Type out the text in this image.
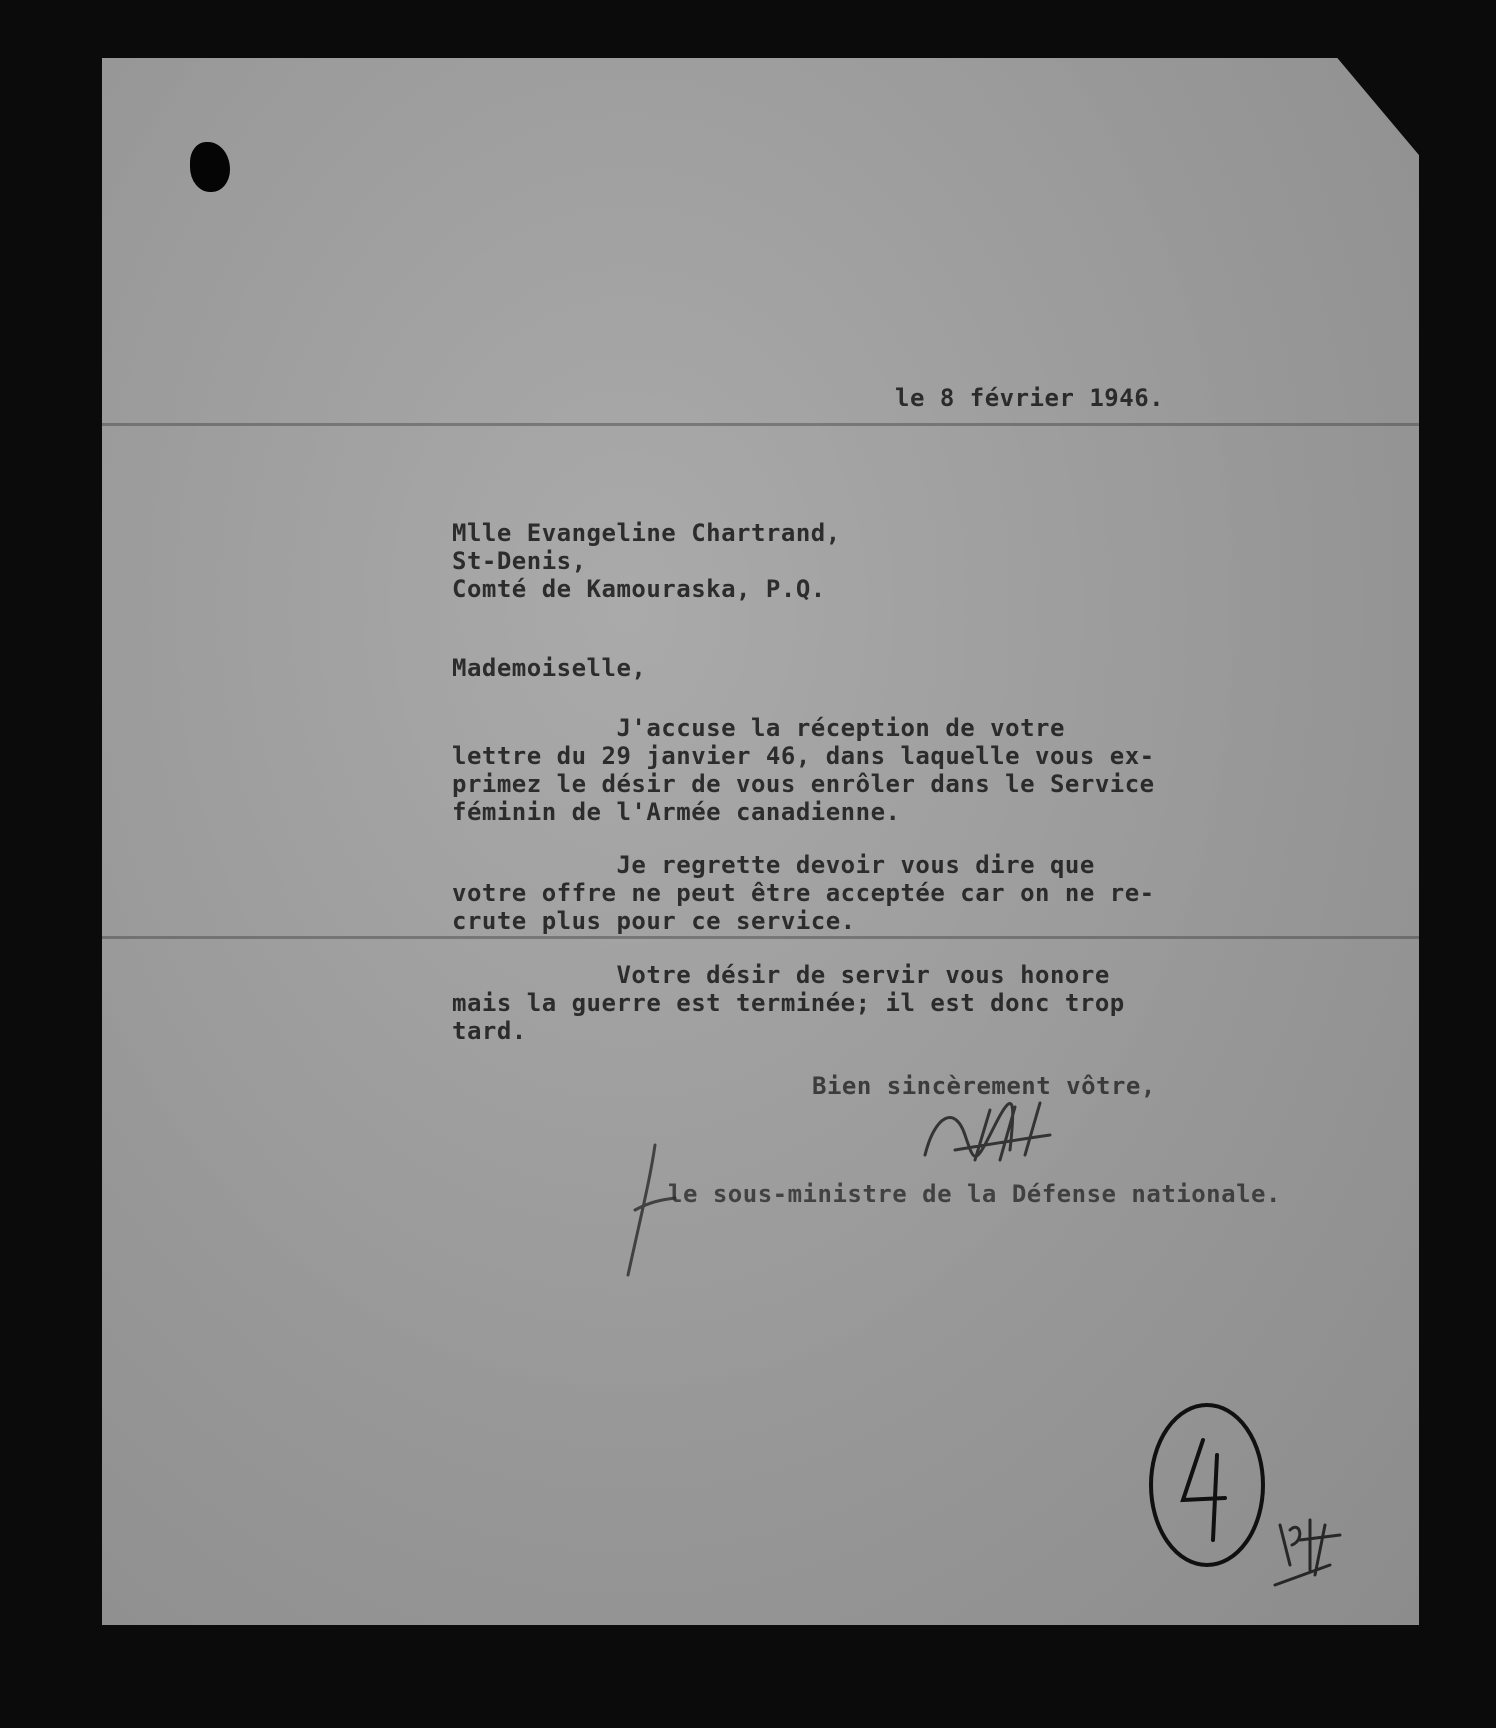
le 8 février 1946.
Mlle Evangeline Chartrand,
St-Denis,
Comté de Kamouraska, P.Q.
Mademoiselle,
J'accuse la réception de votre
lettre du 29 janvier 46, dans laquelle vous ex-
primez le désir de vous enrôler dans le Service
féminin de l'Armée canadienne.
Je regrette devoir vous dire que
votre offre ne peut être acceptée car on ne re-
crute plus pour ce service.
Votre désir de servir vous honore
mais la guerre est terminée; il est donc trop
tard.
Bien sincèrement vôtre,
le sous-ministre de la Défense nationale.
